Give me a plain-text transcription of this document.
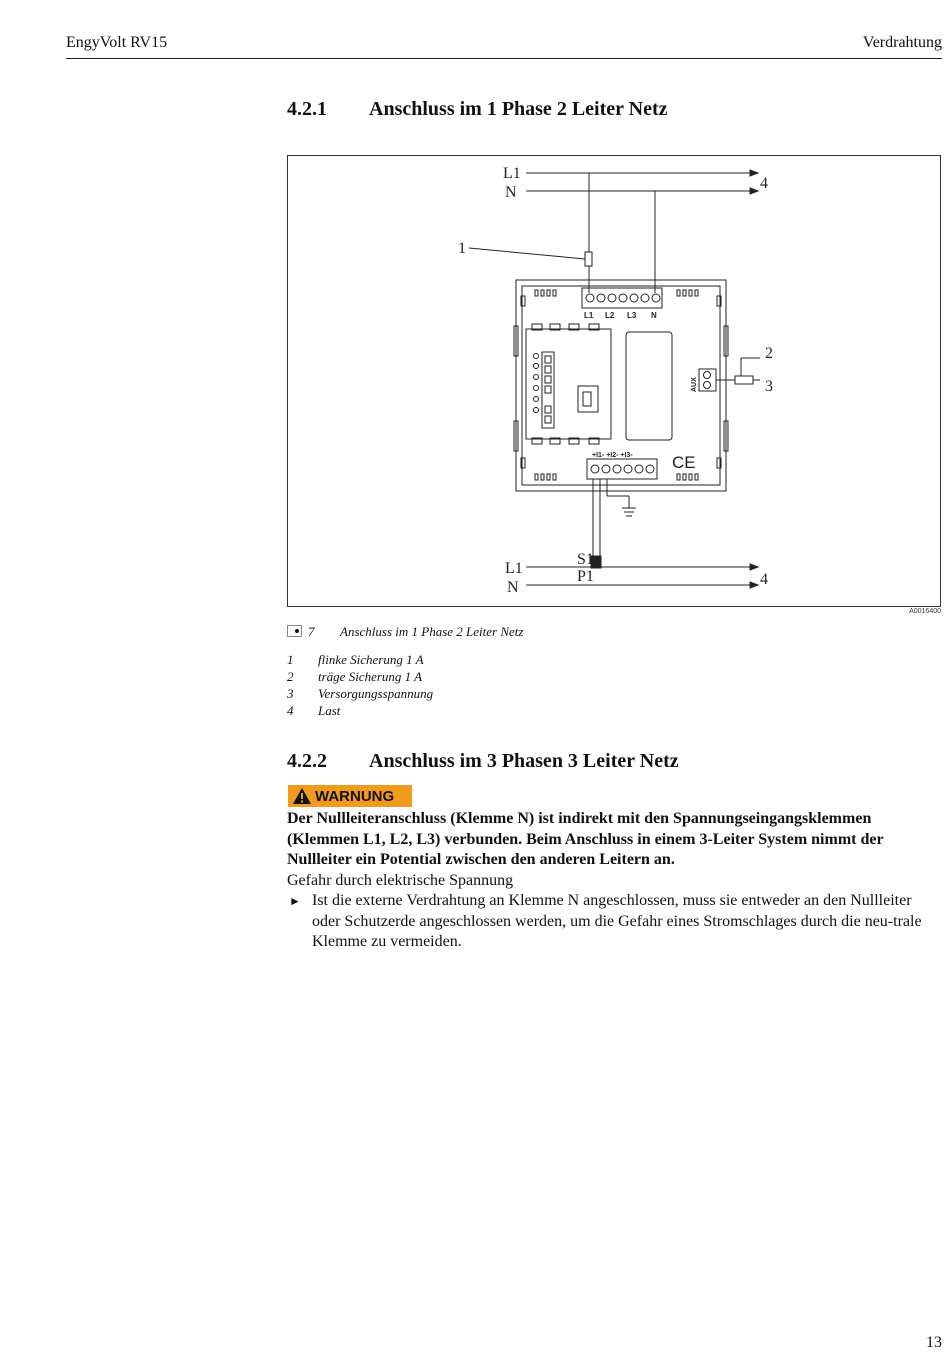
EngyVolt RV15	Verdrahtung
4.2.1 Anschluss im 1 Phase 2 Leiter Netz
L1
N
4
1
2
3
L1
N
S1
P1	4
L1 L2 L3 N
+I1- +I2- +I3-
AUX
CE
A0016400
7 Anschluss im 1 Phase 2 Leiter Netz
1 flinke Sicherung 1 A
2 träge Sicherung 1 A
3 Versorgungsspannung
4 Last
4.2.2 Anschluss im 3 Phasen 3 Leiter Netz
WARNUNG
Der Nullleiteranschluss (Klemme N) ist indirekt mit den Spannungseingangsklemmen (Klemmen L1, L2, L3) verbunden. Beim Anschluss in einem 3-Leiter System nimmt der Nullleiter ein Potential zwischen den anderen Leitern an.
Gefahr durch elektrische Spannung
► Ist die externe Verdrahtung an Klemme N angeschlossen, muss sie entweder an den Nullleiter oder Schutzerde angeschlossen werden, um die Gefahr eines Stromschlages durch die neu-trale Klemme zu vermeiden.
13
